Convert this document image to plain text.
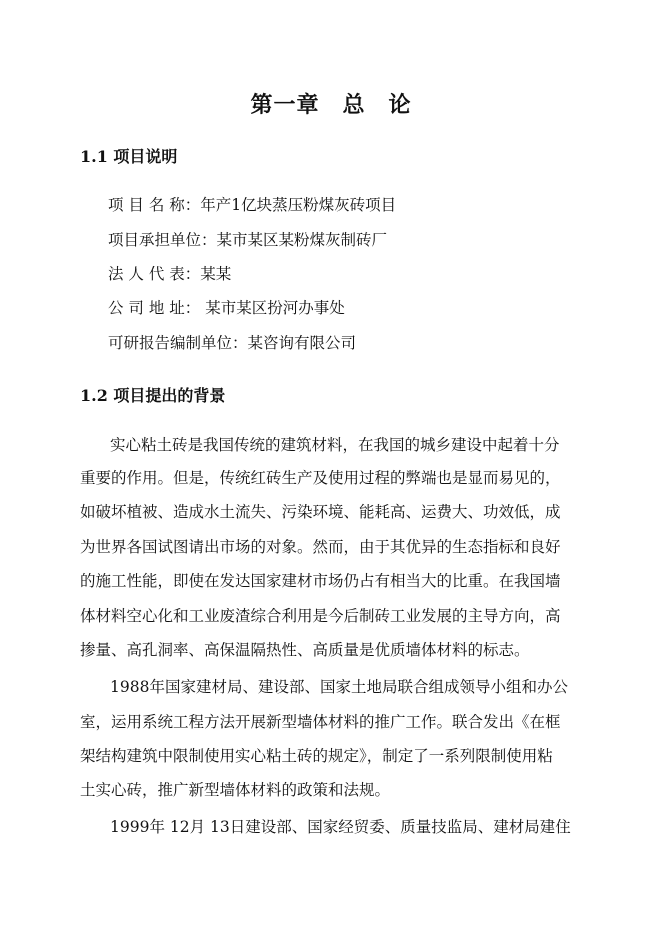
第一章　总　论
1.1 项目说明

项 目 名 称：年产1亿块蒸压粉煤灰砖项目

项目承担单位：某市某区某粉煤灰制砖厂

法 人 代 表：某某

公 司 地 址： 某市某区扮河办事处

可研报告编制单位：某咨询有限公司

1.2 项目提出的背景

实心粘土砖是我国传统的建筑材料，在我国的城乡建设中起着十分

重要的作用。但是，传统红砖生产及使用过程的弊端也是显而易见的，

如破坏植被、造成水土流失、污染环境、能耗高、运费大、功效低，成

为世界各国试图请出市场的对象。然而，由于其优异的生态指标和良好

的施工性能，即使在发达国家建材市场仍占有相当大的比重。在我国墙

体材料空心化和工业废渣综合利用是今后制砖工业发展的主导方向，高

掺量、高孔洞率、高保温隔热性、高质量是优质墙体材料的标志。

1988年国家建材局、建设部、国家土地局联合组成领导小组和办公

室，运用系统工程方法开展新型墙体材料的推广工作。联合发出《在框

架结构建筑中限制使用实心粘土砖的规定》，制定了一系列限制使用粘

土实心砖，推广新型墙体材料的政策和法规。

1999年 12月 13日建设部、国家经贸委、质量技监局、建材局建住
